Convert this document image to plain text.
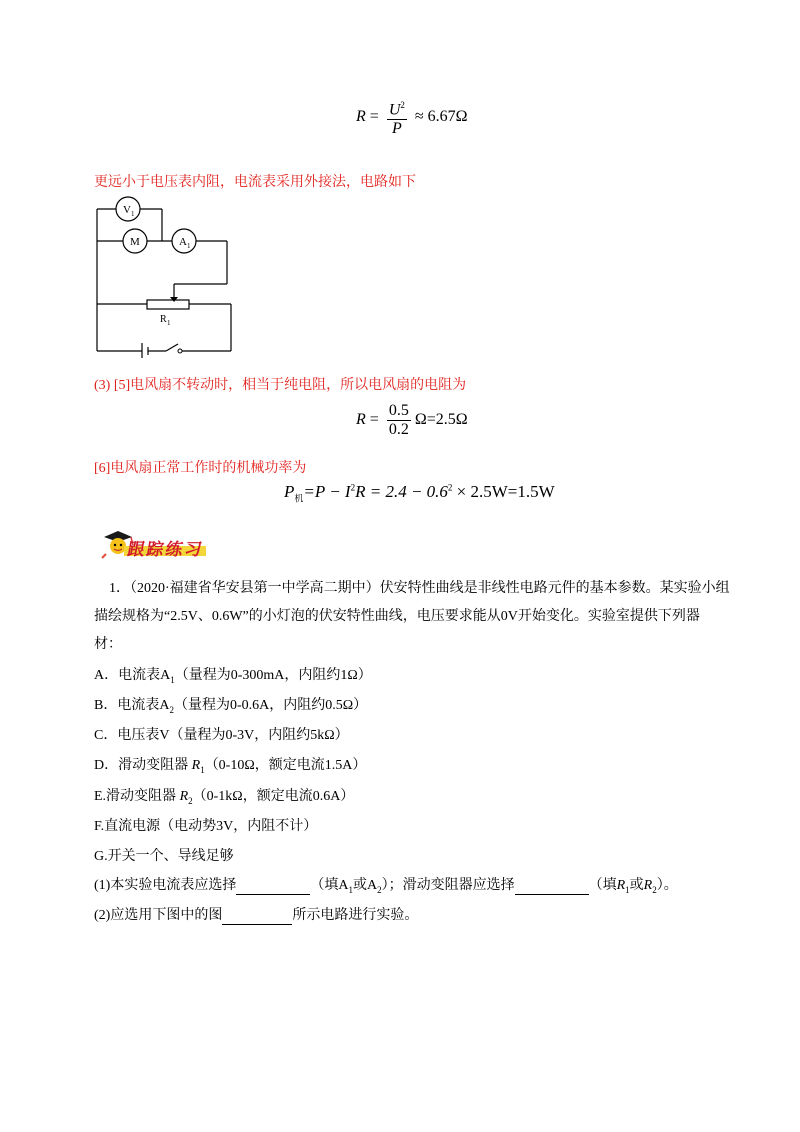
$R = \frac{U^2}{P} \approx 6.67\Omega$
更远小于电压表内阻，电流表采用外接法，电路如下
V 1
M	A 1
R 1
(3) [5]电风扇不转动时，相当于纯电阻，所以电风扇的电阻为
$R = \frac{0.5}{0.2} \Omega=2.5\Omega$
[6]电风扇正常工作时的机械功率为
$P_机=P - I^2R = 2.4 - 0.6^2 \times 2.5W=1.5W$
跟踪练习
1．（2020·福建省华安县第一中学高二期中）伏安特性曲线是非线性电路元件的基本参数。某实验小组
描绘规格为“2.5V、0.6W”的小灯泡的伏安特性曲线，电压要求能从0V开始变化。实验室提供下列器
材：
A．电流表$A_1$（量程为0-300mA，内阻约1Ω）
B．电流表$A_2$（量程为0-0.6A，内阻约0.5Ω）
C．电压表V（量程为0-3V，内阻约5kΩ）
D．滑动变阻器 $R_1(0-10\Omega$，额定电流1.5A）
E.滑动变阻器 $R_2(0-1k\Omega$，额定电流0.6A）
F.直流电源（电动势3V，内阻不计）
G.开关一个、导线足够
(1)本实验电流表应选择	（填$A_1$或$A_2$）；滑动变阻器应选择	（填$R_1$或$R_2$）。
(2)应选用下图中的图	所示电路进行实验。
